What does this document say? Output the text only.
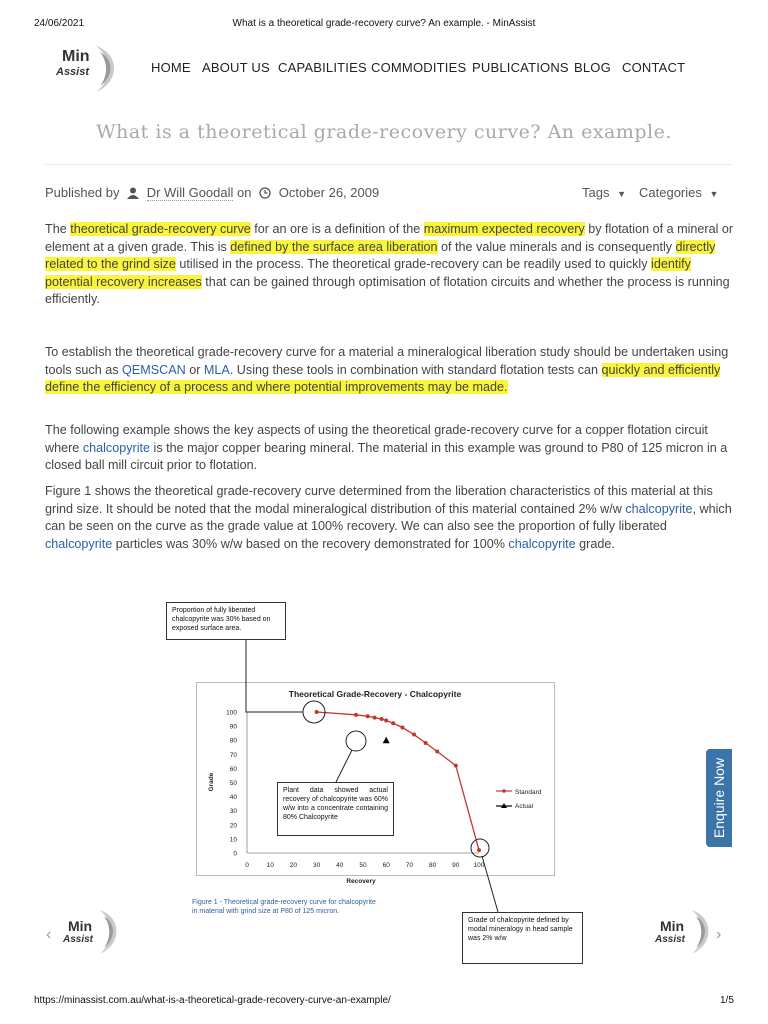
24/06/2021	What is a theoretical grade-recovery curve? An example. - MinAssist
Min
Assist	HOME ABOUT US CAPABILITIES COMMODITIES PUBLICATIONS BLOG CONTACT
What is a theoretical grade-recovery curve? An example.
Published by Dr Will Goodall on October 26, 2009	Tags ▼ Categories ▼

The theoretical grade-recovery curve for an ore is a definition of the maximum expected recovery by flotation of a mineral or element at a given grade. This is defined by the surface area liberation of the value minerals and is consequently directly related to the grind size utilised in the process. The theoretical grade-recovery can be readily used to quickly identify potential recovery increases that can be gained through optimisation of flotation circuits and whether the process is running efficiently.

To establish the theoretical grade-recovery curve for a material a mineralogical liberation study should be undertaken using tools such as QEMSCAN or MLA. Using these tools in combination with standard flotation tests can quickly and efficiently define the efficiency of a process and where potential improvements may be made.

The following example shows the key aspects of using the theoretical grade-recovery curve for a copper flotation circuit where chalcopyrite is the major copper bearing mineral. The material in this example was ground to P80 of 125 micron in a closed ball mill circuit prior to flotation.

Figure 1 shows the theoretical grade-recovery curve determined from the liberation characteristics of this material at this grind size. It should be noted that the modal mineralogical distribution of this material contained 2% w/w chalcopyrite, which can be seen on the curve as the grade value at 100% recovery. We can also see the proportion of fully liberated chalcopyrite particles was 30% w/w based on the recovery demonstrated for 100% chalcopyrite grade.

0	10 20 30 40 50 60 70 80 90 100
0
10
20
30
40
50
60
70
80
90
100
Theoretical Grade-Recovery - Chalcopyrite
Recovery
Grade
Standard
Actual
Proportion of fully liberated chalcopyrite was 30% based on exposed surface area.
Plant data showed actual recovery of chalcopyrite was 60% w/w into a concentrate containing 80% Chalcopyrite
Grade of chalcopyrite defined by modal mineralogy in head sample was 2% w/w
Figure 1 - Theoretical grade-recovery curve for chalcopyrite
in material with grind size at P80 of 125 micron.
Enquire Now
‹ Min
Assist
Min
Assist ›
https://minassist.com.au/what-is-a-theoretical-grade-recovery-curve-an-example/	1/5
